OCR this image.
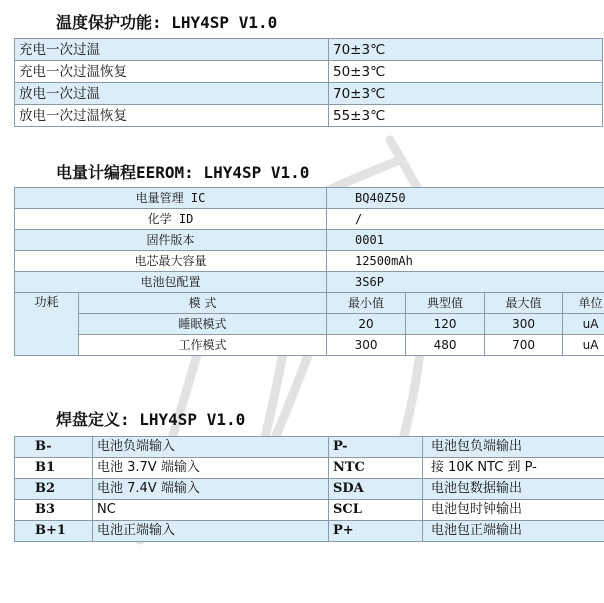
温度保护功能: LHY4SP V1.0
充电一次过温	70±3℃
充电一次过温恢复	50±3℃
放电一次过温	70±3℃
放电一次过温恢复	55±3℃
电量计编程EEROM: LHY4SP V1.0
电量管理 IC		BQ40Z50			
化学 ID		/			
固件版本		0001			
电芯最大容量		12500mAh			
电池包配置		3S6P			
功耗	模 式	最小值	典型值	最大值	单位
	睡眠模式	20	120	300	uA
	工作模式	300	480	700	uA
焊盘定义: LHY4SP V1.0
B-	电池负端输入	P-	电池包负端输出
B1	电池 3.7V 端输入	NTC	接 10K NTC 到 P-
B2	电池 7.4V 端输入	SDA	电池包数据输出
B3	NC	SCL	电池包时钟输出
B+1	电池正端输入	P+	电池包正端输出
